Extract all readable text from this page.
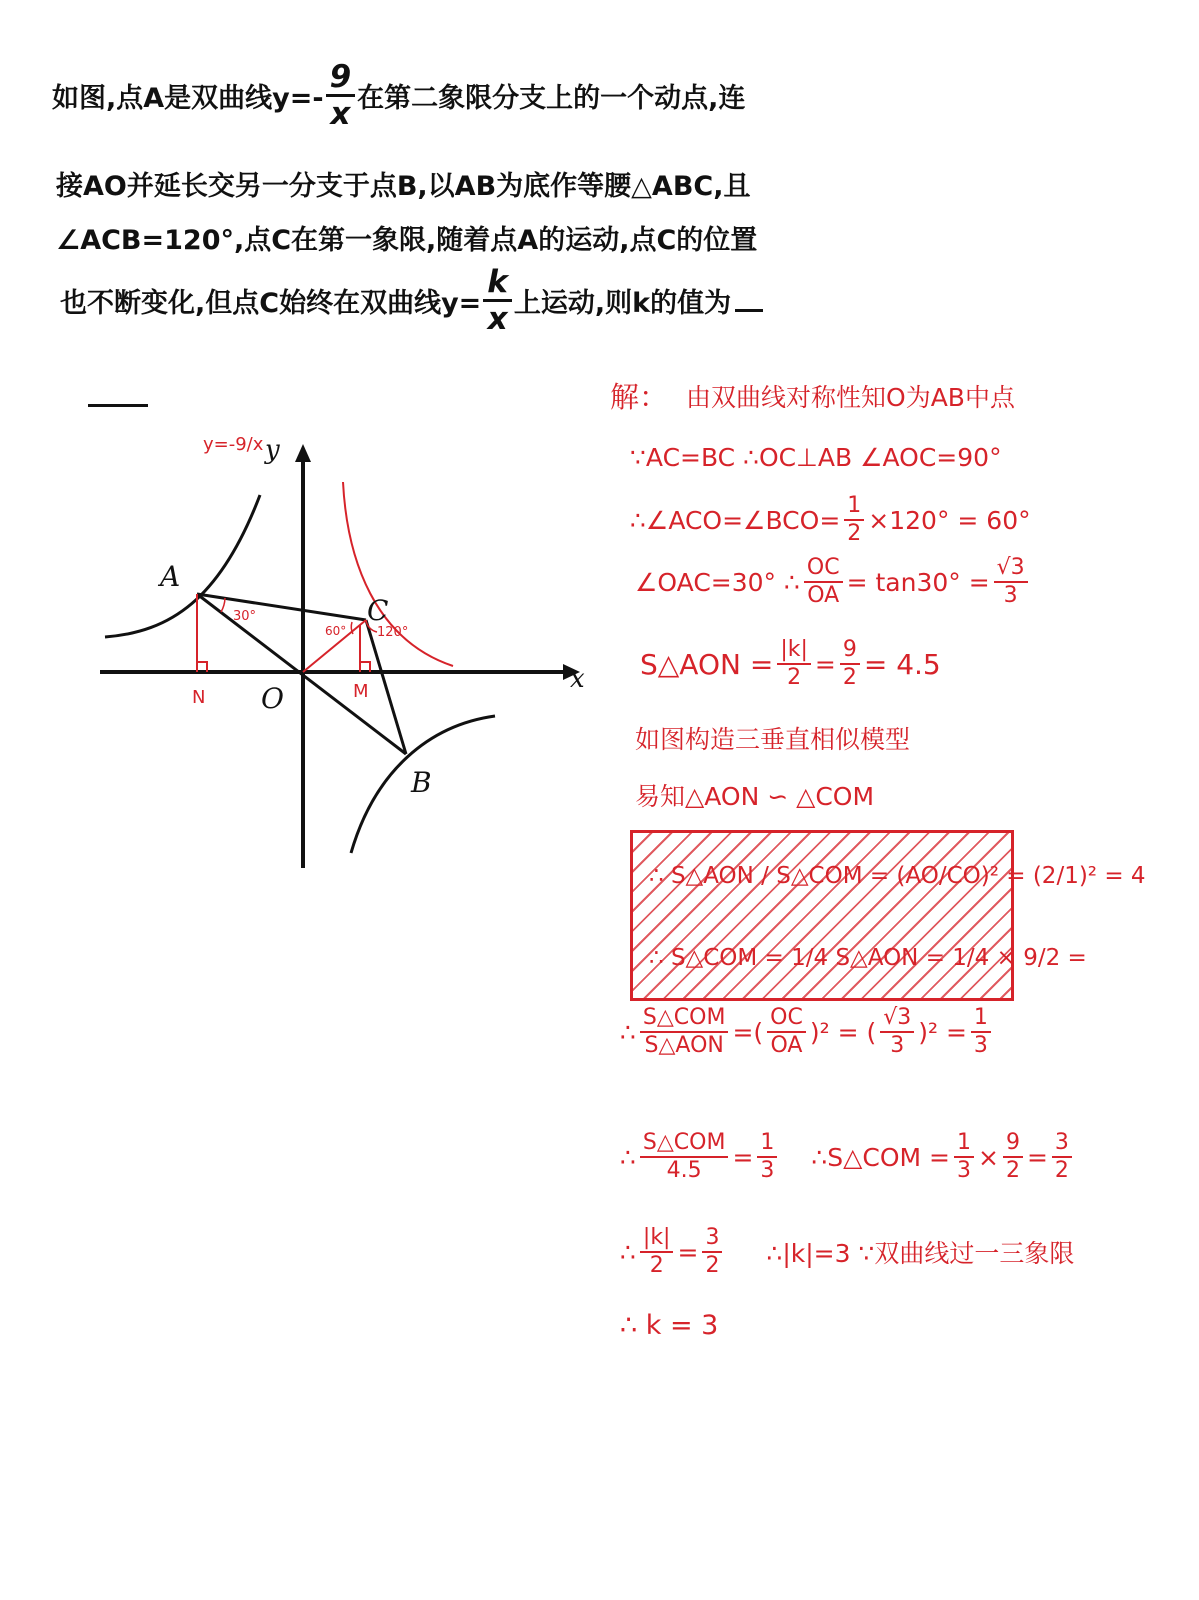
如图,点A是双曲线$y=- \frac{9}{x}$ 在第二象限分支上的一个动点,连
接AO并延长交另一分支于点B,以AB为底作等腰△ABC,且
∠ACB=120°,点C在第一象限,随着点A的运动,点C的位置
也不断变化,但点C始终在双曲线$y= \frac{k}{x}$ 上运动,则k的值为
x
y
O
A
B
C
N	M
y=-9/x
30°
60° 120°
解： 由双曲线对称性知O为AB中点
∵AC=BC ∴OC⊥AB ∠AOC=90°
∴∠ACO=∠BCO= $\frac{1}{2} \times 120^\circ = 60^\circ$
∠OAC=30° ∴ $\frac{OC}{OA} = \tan 30^\circ = \frac{√3}{3}$
S△AON = $\frac{|k|}{2} = \frac{9}{2} = 4.5$
如图构造三垂直相似模型
易知△AON ∽ △COM
∴ S△AON / S△COM = (AO/CO)² = (2/1)² = 4
∴ S△COM = 1/4 S△AON = 1/4 × 9/2 =
∴ S△COM
S△AON =( OC
OA )² = ( √3
3 )$^2 = \frac{1}{3}$
∴ S△COM
$4.5 = \frac{1}{3}$ ∴S△COM = $\frac{1}{3} \times \frac{9}{2} = \frac{3}{2}$
∴ $\frac{|k|}{2} = \frac{3}{2}$ ∴|k|=3 ∵双曲线过一三象限
∴ k = 3
